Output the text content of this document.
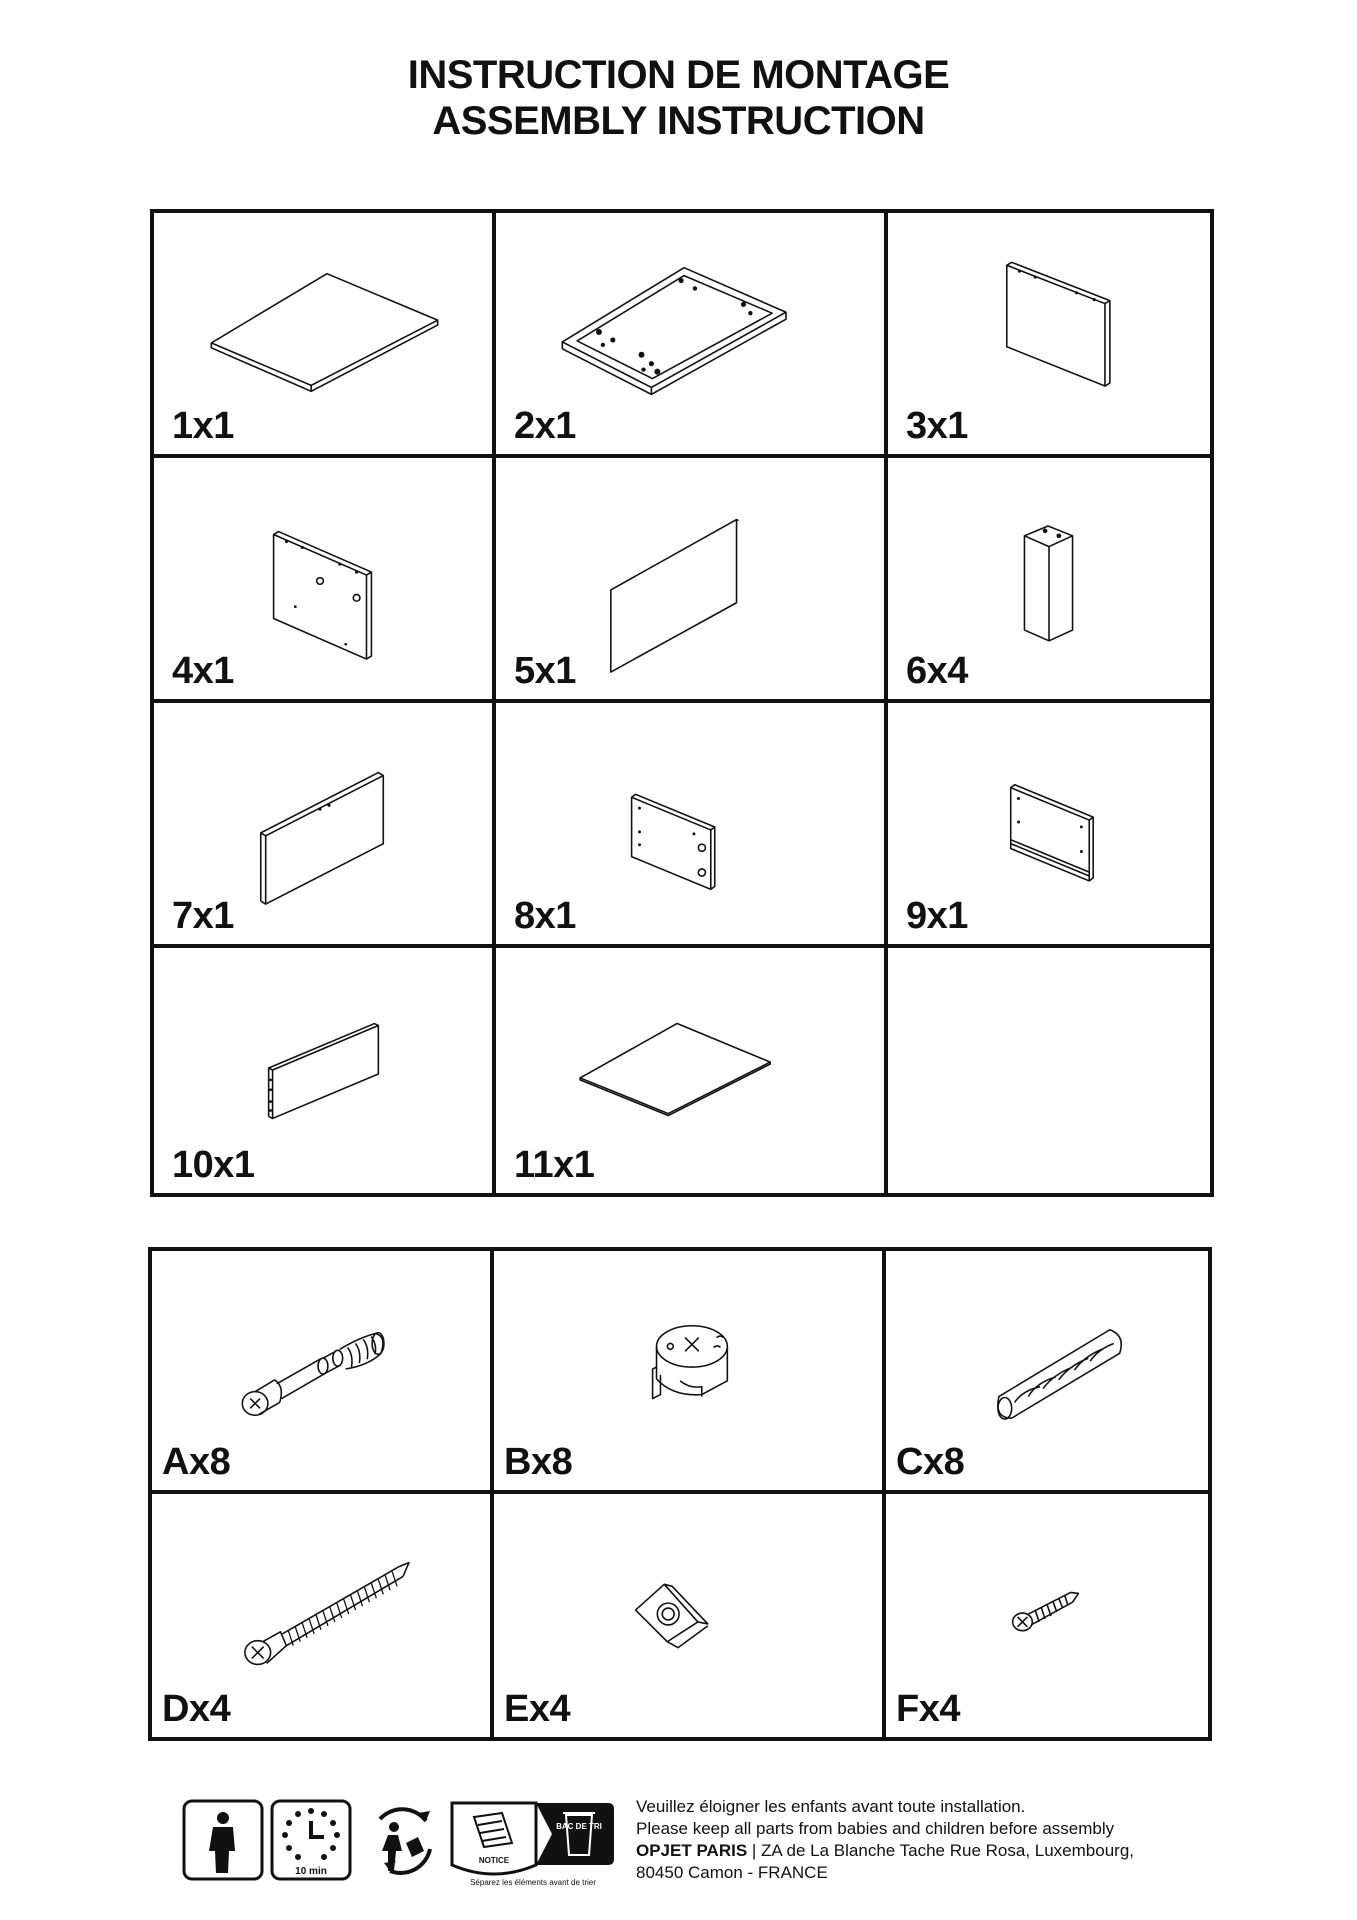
INSTRUCTION DE MONTAGE
ASSEMBLY INSTRUCTION
1x1	2x1	3x1
4x1	5x1	6x4
7x1	8x1	9x1
10x1	11x1
Ax8	Bx8	Cx8
Dx4	Ex4	Fx4
10 min
NOTICE
BAC DE TRI
Séparez les éléments avant de trier
Veuillez éloigner les enfants avant toute installation.
Please keep all parts from babies and children before assembly
OPJET PARIS | ZA de La Blanche Tache Rue Rosa, Luxembourg,
80450 Camon - FRANCE
